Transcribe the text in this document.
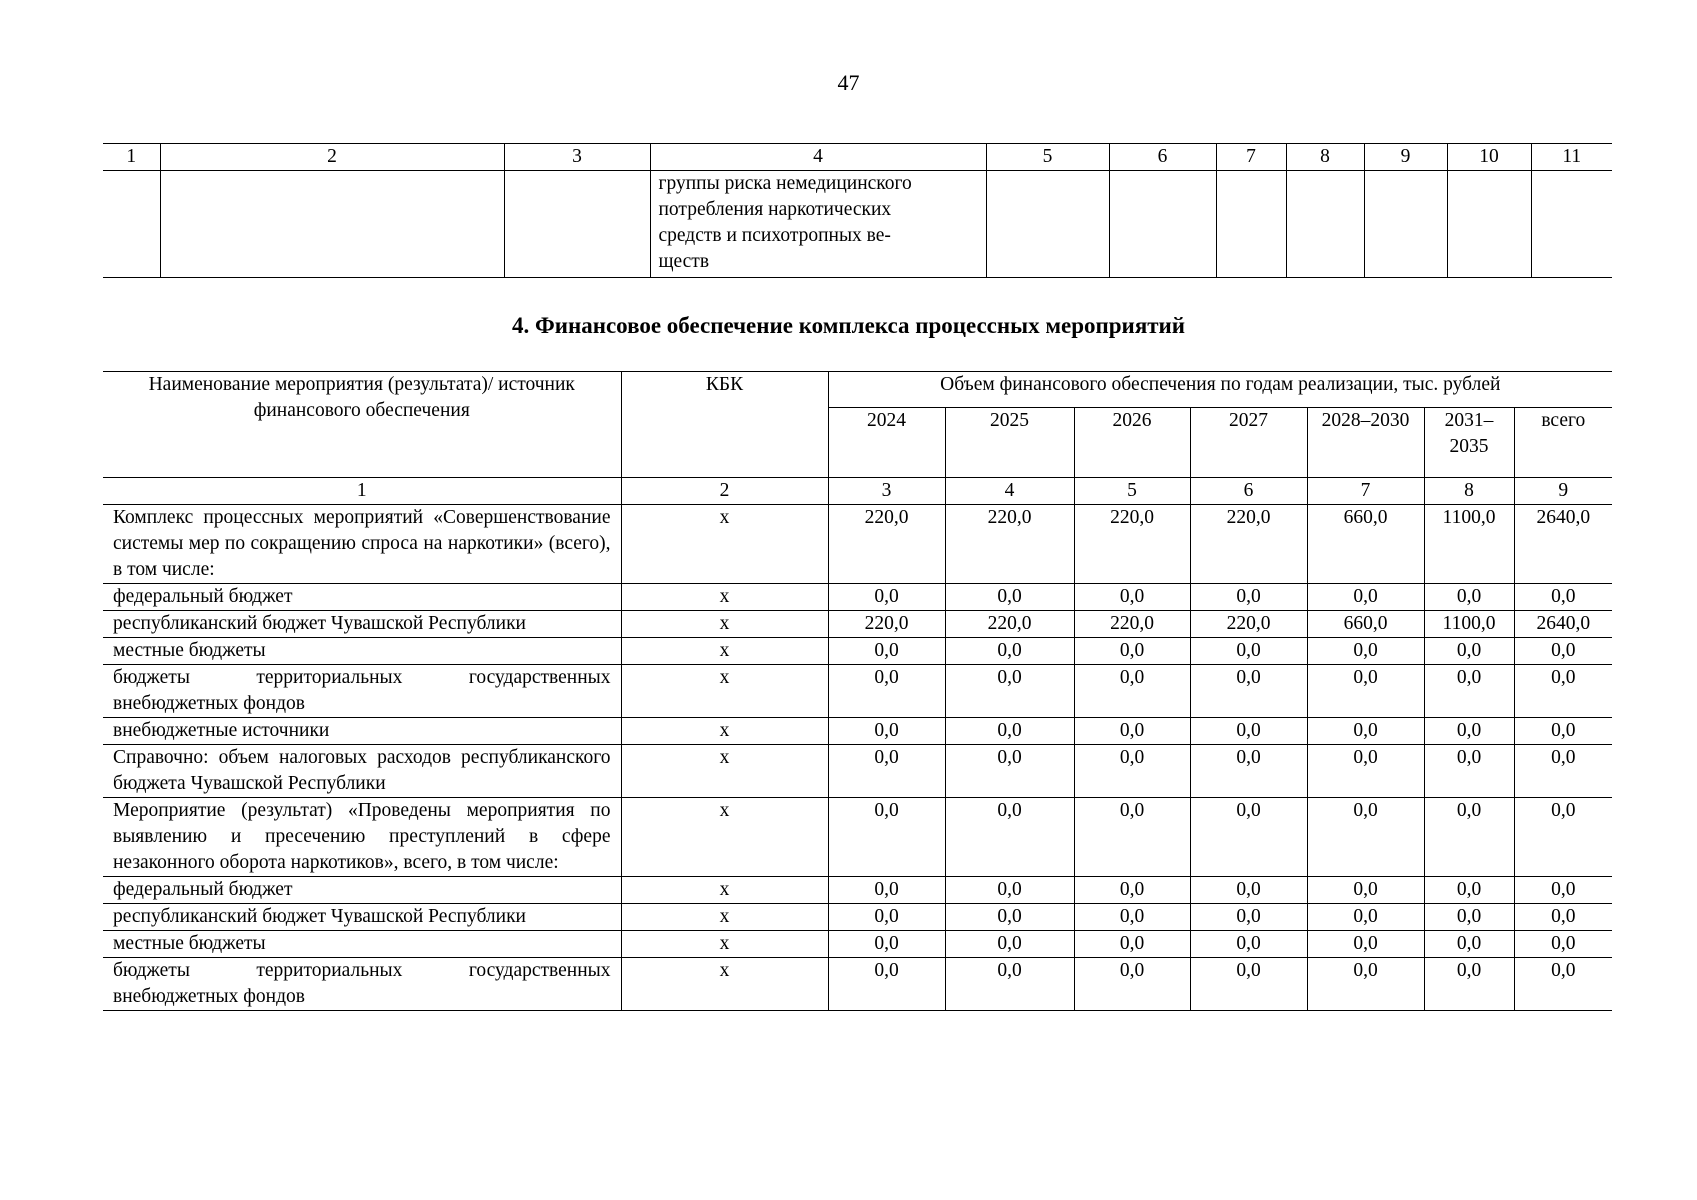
47
1	2	3	4	5	6	7	8	9	10	11

			группы риска немедицинского
потребления наркотических
средств и психотропных ве-
ществ							

4. Финансовое обеспечение комплекса процессных мероприятий
Наименование мероприятия (результата)/ источник финансового обеспечения	КБК	Объем финансового обеспечения по годам реализации, тыс. рублей						
		2024	2025	2026	2027	2028–2030	2031–2035	всего
1	2	3	4	5	6	7	8	9
Комплекс процессных мероприятий «Совершенствование системы мер по сокращению спроса на наркотики» (всего), в том числе:	x	220,0	220,0	220,0	220,0	660,0	1100,0	2640,0
федеральный бюджет	x	0,0	0,0	0,0	0,0	0,0	0,0	0,0
республиканский бюджет Чувашской Республики	x	220,0	220,0	220,0	220,0	660,0	1100,0	2640,0
местные бюджеты	x	0,0	0,0	0,0	0,0	0,0	0,0	0,0
бюджеты территориальных государственных внебюджетных фондов	x	0,0	0,0	0,0	0,0	0,0	0,0	0,0
внебюджетные источники	x	0,0	0,0	0,0	0,0	0,0	0,0	0,0
Справочно: объем налоговых расходов республиканского бюджета Чувашской Республики	x	0,0	0,0	0,0	0,0	0,0	0,0	0,0
Мероприятие (результат) «Проведены мероприятия по выявлению и пресечению преступлений в сфере незаконного оборота наркотиков», всего, в том числе:	x	0,0	0,0	0,0	0,0	0,0	0,0	0,0
федеральный бюджет	x	0,0	0,0	0,0	0,0	0,0	0,0	0,0
республиканский бюджет Чувашской Республики	x	0,0	0,0	0,0	0,0	0,0	0,0	0,0
местные бюджеты	x	0,0	0,0	0,0	0,0	0,0	0,0	0,0
бюджеты территориальных государственных внебюджетных фондов	x	0,0	0,0	0,0	0,0	0,0	0,0	0,0
